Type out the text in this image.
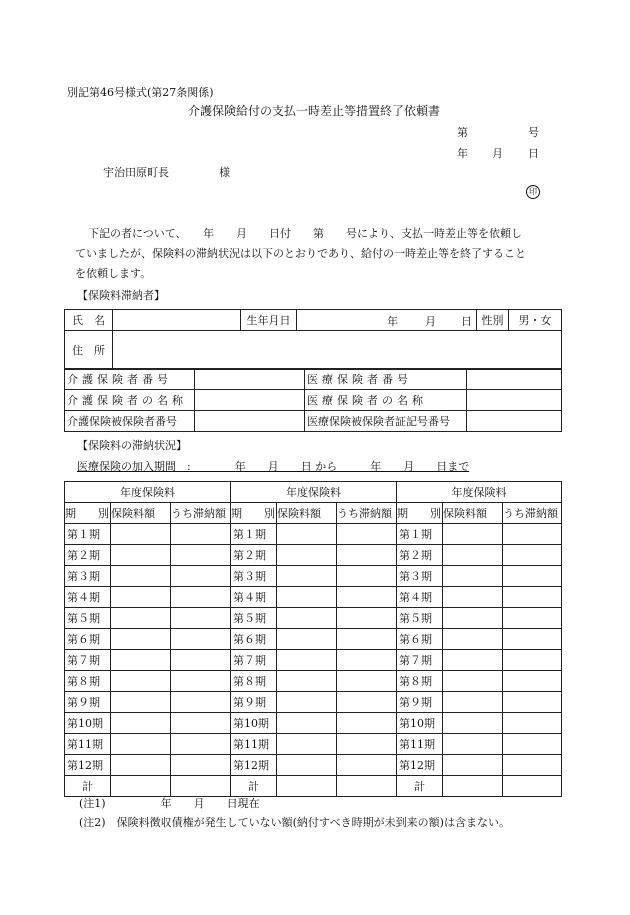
別記第46号様式(第27条関係)
介護保険給付の支払一時差止等措置終了依頼書
第	号
年 月 日
宇治田原町長	様
印
下記の者について、　　年　　月　　日付　　第　　号により、支払一時差止等を依頼し
ていましたが、保険料の滞納状況は以下のとおりであり、給付の一時差止等を終了すること
を依頼します。
【保険料滞納者】
氏　名		生年月日	年 月 日	性別	男・女
住　所					
介護保険者番号		医療保険者番号	
介護保険者の名称		医療保険者の名称	
介護保険被保険者番号		医療保険被保険者証記号番号	
【保険料の滞納状況】
医療保険の加入期間　:　　　　年　　月　　日 から　　　年　　月　　日まで
年度保険料			年度保険料			年度保険料		
期　　別	保険料額	うち滞納額	期　　別	保険料額	うち滞納額	期　　別	保険料額	うち滞納額
第１期			第１期			第１期		
第２期			第２期			第２期		
第３期			第３期			第３期		
第４期			第４期			第４期		
第５期			第５期			第５期		
第６期			第６期			第６期		
第７期			第７期			第７期		
第８期			第８期			第８期		
第９期			第９期			第９期		
第10期			第10期			第10期		
第11期			第11期			第11期		
第12期			第12期			第12期		
計			計			計		
(注1)　　　　　年　　月　　日現在
(注2)　保険料徴収債権が発生していない額(納付すべき時期が未到来の額)は含まない。
